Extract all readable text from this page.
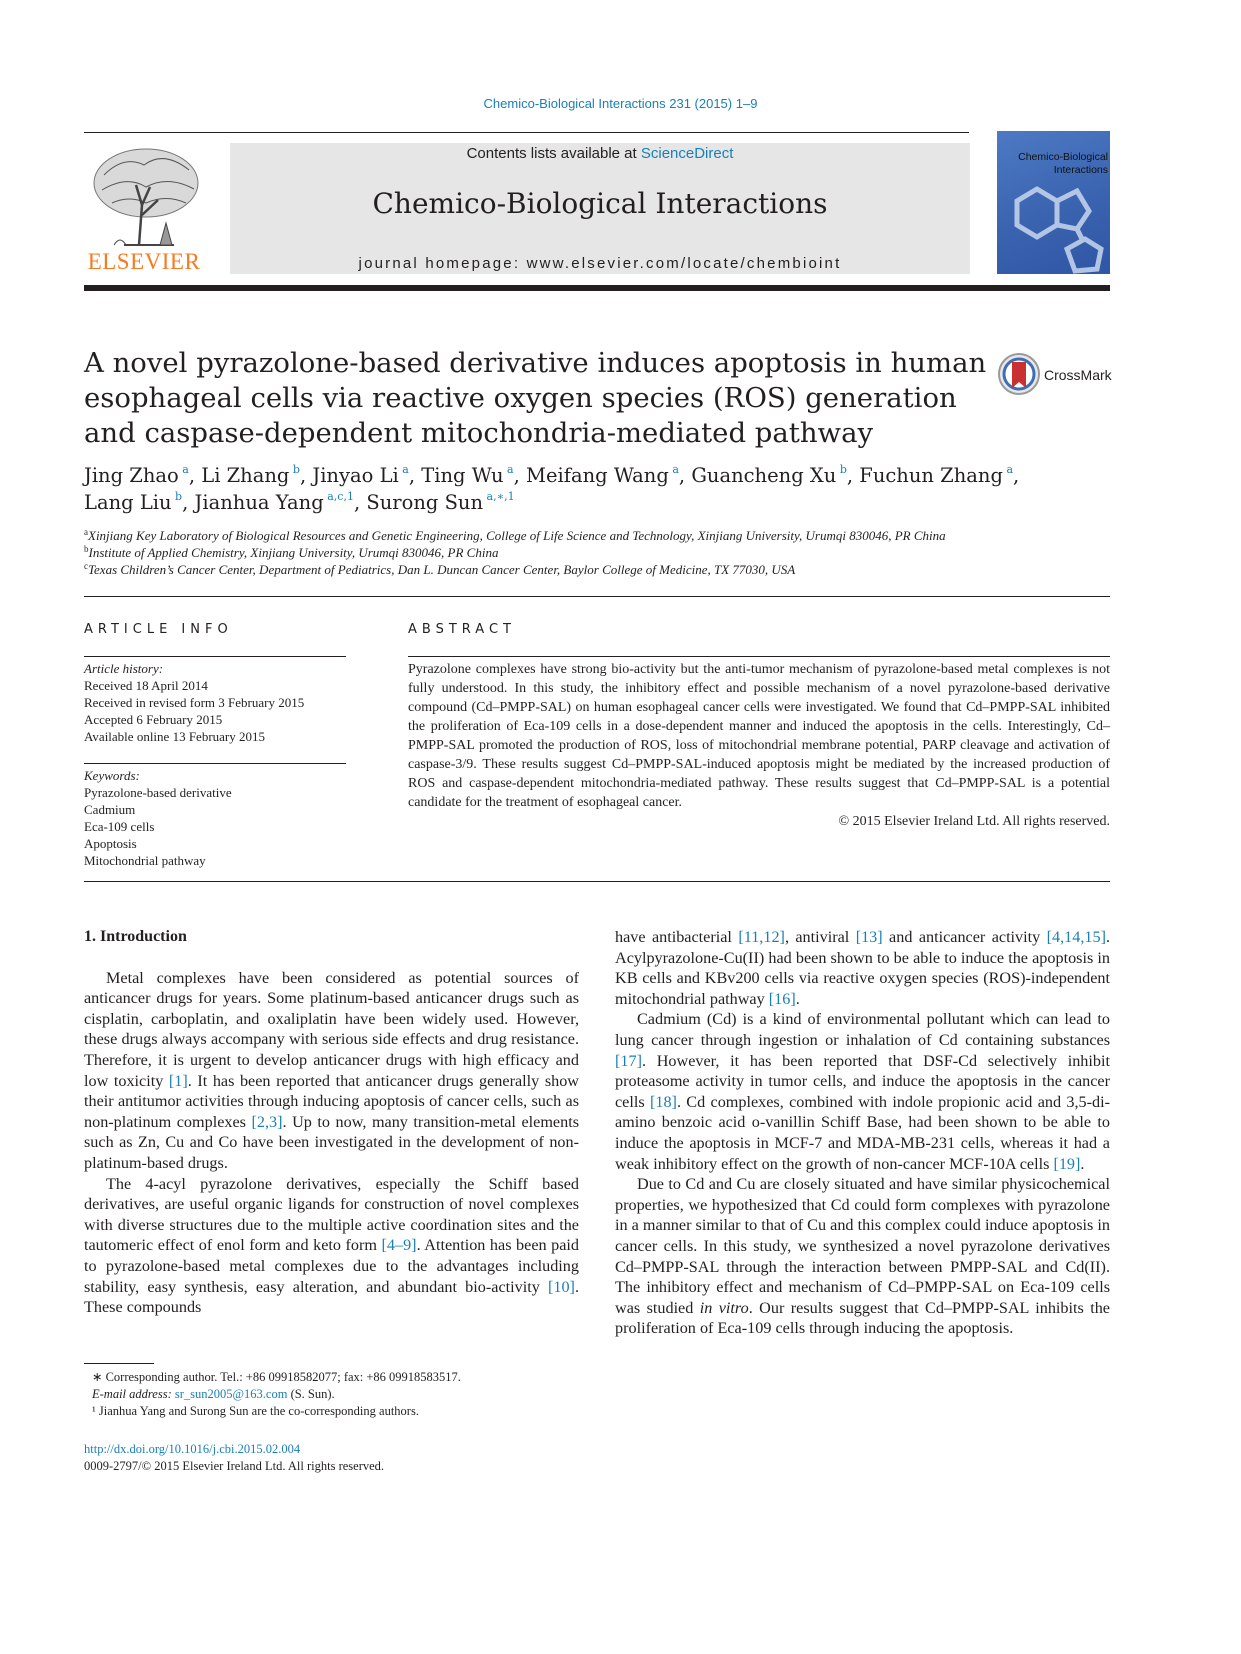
Chemico-Biological Interactions 231 (2015) 1–9
ELSEVIER
Contents lists available at ScienceDirect
Chemico-Biological Interactions
journal homepage: www.elsevier.com/locate/chembioint
Chemico-Biological
Interactions
A novel pyrazolone-based derivative induces apoptosis in human
esophageal cells via reactive oxygen species (ROS) generation
and caspase-dependent mitochondria-mediated pathway
CrossMark
Jing Zhao $^a$, Li Zhang $^b$, Jinyao Li $^a$, Ting Wu $^a$, Meifang Wang $^a$, Guancheng Xu $^b$, Fuchun Zhang $^a$,
Lang Liu $^b$, Jianhua Yang $^{a,c,1}$, Surong Sun $^{a,∗,1}$
$^a$Xinjiang Key Laboratory of Biological Resources and Genetic Engineering, College of Life Science and Technology, Xinjiang University, Urumqi 830046, PR China
$^b$Institute of Applied Chemistry, Xinjiang University, Urumqi 830046, PR China
$^c$Texas Children’s Cancer Center, Department of Pediatrics, Dan L. Duncan Cancer Center, Baylor College of Medicine, TX 77030, USA
ARTICLE INFO	ABSTRACT
Article history:
Received 18 April 2014
Received in revised form 3 February 2015
Accepted 6 February 2015
Available online 13 February 2015
Keywords:
Pyrazolone-based derivative
Cadmium
Eca-109 cells
Apoptosis
Mitochondrial pathway

Pyrazolone complexes have strong bio-activity but the anti-tumor mechanism of pyrazolone-based metal complexes is not fully understood. In this study, the inhibitory effect and possible mechanism of a novel pyrazolone-based derivative compound (Cd–PMPP-SAL) on human esophageal cancer cells were investigated. We found that Cd–PMPP-SAL inhibited the proliferation of Eca-109 cells in a dose-dependent manner and induced the apoptosis in the cells. Interestingly, Cd–PMPP-SAL promoted the production of ROS, loss of mitochondrial membrane potential, PARP cleavage and activation of caspase-3/9. These results suggest Cd–PMPP-SAL-induced apoptosis might be mediated by the increased production of ROS and caspase-dependent mitochondria-mediated pathway. These results suggest that Cd–PMPP-SAL is a potential candidate for the treatment of esophageal cancer.

© 2015 Elsevier Ireland Ltd. All rights reserved.

1. Introduction

Metal complexes have been considered as potential sources of anticancer drugs for years. Some platinum-based anticancer drugs such as cisplatin, carboplatin, and oxaliplatin have been widely used. However, these drugs always accompany with serious side effects and drug resistance. Therefore, it is urgent to develop anticancer drugs with high efficacy and low toxicity [1]. It has been reported that anticancer drugs generally show their antitumor activities through inducing apoptosis of cancer cells, such as non-platinum complexes [2,3]. Up to now, many transition-metal elements such as Zn, Cu and Co have been investigated in the development of non-platinum-based drugs.

The 4-acyl pyrazolone derivatives, especially the Schiff based derivatives, are useful organic ligands for construction of novel complexes with diverse structures due to the multiple active coordination sites and the tautomeric effect of enol form and keto form [4–9]. Attention has been paid to pyrazolone-based metal complexes due to the advantages including stability, easy synthesis, easy alteration, and abundant bio-activity [10]. These compounds

have antibacterial [11,12], antiviral [13] and anticancer activity [4,14,15]. Acylpyrazolone-Cu(II) had been shown to be able to induce the apoptosis in KB cells and KBv200 cells via reactive oxygen species (ROS)-independent mitochondrial pathway [16].

Cadmium (Cd) is a kind of environmental pollutant which can lead to lung cancer through ingestion or inhalation of Cd containing substances [17]. However, it has been reported that DSF-Cd selectively inhibit proteasome activity in tumor cells, and induce the apoptosis in the cancer cells [18]. Cd complexes, combined with indole propionic acid and 3,5-di-amino benzoic acid o-vanillin Schiff Base, had been shown to be able to induce the apoptosis in MCF-7 and MDA-MB-231 cells, whereas it had a weak inhibitory effect on the growth of non-cancer MCF-10A cells [19].

Due to Cd and Cu are closely situated and have similar physicochemical properties, we hypothesized that Cd could form complexes with pyrazolone in a manner similar to that of Cu and this complex could induce apoptosis in cancer cells. In this study, we synthesized a novel pyrazolone derivatives Cd–PMPP-SAL through the interaction between PMPP-SAL and Cd(II). The inhibitory effect and mechanism of Cd–PMPP-SAL on Eca-109 cells was studied in vitro. Our results suggest that Cd–PMPP-SAL inhibits the proliferation of Eca-109 cells through inducing the apoptosis.

∗ Corresponding author. Tel.: +86 09918582077; fax: +86 09918583517.
E-mail address: sr_sun2005@163.com (S. Sun).
¹ Jianhua Yang and Surong Sun are the co-corresponding authors.
http://dx.doi.org/10.1016/j.cbi.2015.02.004
0009-2797/© 2015 Elsevier Ireland Ltd. All rights reserved.
